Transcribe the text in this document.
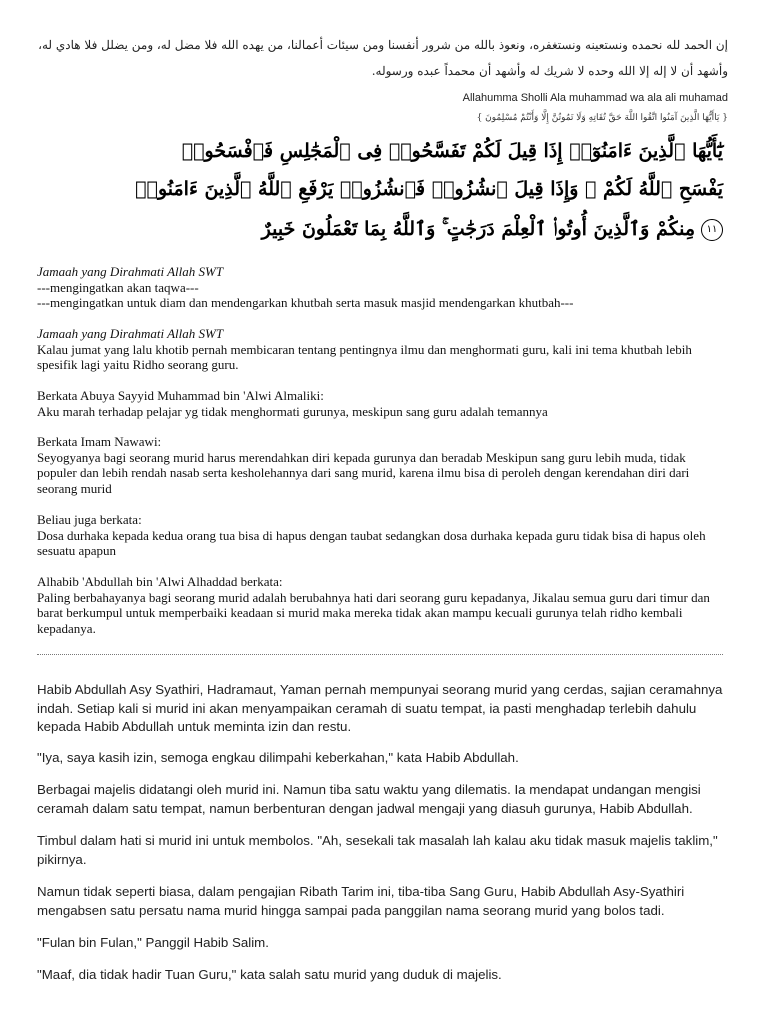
إن الحمد لله نحمده ونستعينه ونستغفره، ونعوذ بالله من شرور أنفسنا ومن سيئات أعمالنا، من يهده الله فلا مضل له، ومن يضلل فلا هادي له،
وأشهد أن لا إله إلا الله وحده لا شريك له وأشهد أن محمداً عبده ورسوله.
Allahumma Sholli Ala muhammad wa ala ali muhamad
{ يَاأَيُّهَا الَّذِينَ آمَنُوا اتَّقُوا اللَّهَ حَقَّ تُقَاتِهِ وَلَا تَمُوتُنَّ إِلَّا وَأَنْتُمْ مُسْلِمُونَ }
يَٰٓأَيُّهَا ٱلَّذِينَ ءَامَنُوٓا۟ إِذَا قِيلَ لَكُمْ تَفَسَّحُوا۟ فِى ٱلْمَجَٰلِسِ فَٱفْسَحُوا۟
يَفْسَحِ ٱللَّهُ لَكُمْ ۖ وَإِذَا قِيلَ ٱنشُزُوا۟ فَٱنشُزُوا۟ يَرْفَعِ ٱللَّهُ ٱلَّذِينَ ءَامَنُوا۟
١١مِنكُمْ وَٱلَّذِينَ أُوتُوا۟ ٱلْعِلْمَ دَرَجَٰتٍ ۚ وَٱللَّهُ بِمَا تَعْمَلُونَ خَبِيرٌ

Jamaah yang Dirahmati Allah SWT

---mengingatkan akan taqwa---

---mengingatkan untuk diam dan mendengarkan khutbah serta masuk masjid mendengarkan khutbah---

Jamaah yang Dirahmati Allah SWT

Kalau jumat yang lalu khotib pernah membicaran tentang pentingnya ilmu dan menghormati guru, kali ini tema khutbah lebih spesifik lagi yaitu Ridho seorang guru.

Berkata Abuya Sayyid Muhammad bin 'Alwi Almaliki:

Aku marah terhadap pelajar yg tidak menghormati gurunya, meskipun sang guru adalah temannya

Berkata Imam Nawawi:

Seyogyanya bagi seorang murid harus merendahkan diri kepada gurunya dan beradab Meskipun sang guru lebih muda, tidak populer dan lebih rendah nasab serta kesholehannya dari sang murid, karena ilmu bisa di peroleh dengan kerendahan diri dari seorang murid

Beliau juga berkata:

Dosa durhaka kepada kedua orang tua bisa di hapus dengan taubat sedangkan dosa durhaka kepada guru tidak bisa di hapus oleh sesuatu apapun

Alhabib 'Abdullah bin 'Alwi Alhaddad berkata:

Paling berbahayanya bagi seorang murid adalah berubahnya hati dari seorang guru kepadanya, Jikalau semua guru dari timur dan barat berkumpul untuk memperbaiki keadaan si murid maka mereka tidak akan mampu kecuali gurunya telah ridho kembali kepadanya.

Habib Abdullah Asy Syathiri, Hadramaut, Yaman pernah mempunyai seorang murid yang cerdas, sajian ceramahnya indah. Setiap kali si murid ini akan menyampaikan ceramah di suatu tempat, ia pasti menghadap terlebih dahulu kepada Habib Abdullah untuk meminta izin dan restu.
"Iya, saya kasih izin, semoga engkau dilimpahi keberkahan," kata Habib Abdullah.
Berbagai majelis didatangi oleh murid ini. Namun tiba satu waktu yang dilematis. Ia mendapat undangan mengisi ceramah dalam satu tempat, namun berbenturan dengan jadwal mengaji yang diasuh gurunya, Habib Abdullah.
Timbul dalam hati si murid ini untuk membolos. "Ah, sesekali tak masalah lah kalau aku tidak masuk majelis taklim," pikirnya.
Namun tidak seperti biasa, dalam pengajian Ribath Tarim ini, tiba-tiba Sang Guru, Habib Abdullah Asy-Syathiri mengabsen satu persatu nama murid hingga sampai pada panggilan nama seorang murid yang bolos tadi.
"Fulan bin Fulan," Panggil Habib Salim.
"Maaf, dia tidak hadir Tuan Guru," kata salah satu murid yang duduk di majelis.
